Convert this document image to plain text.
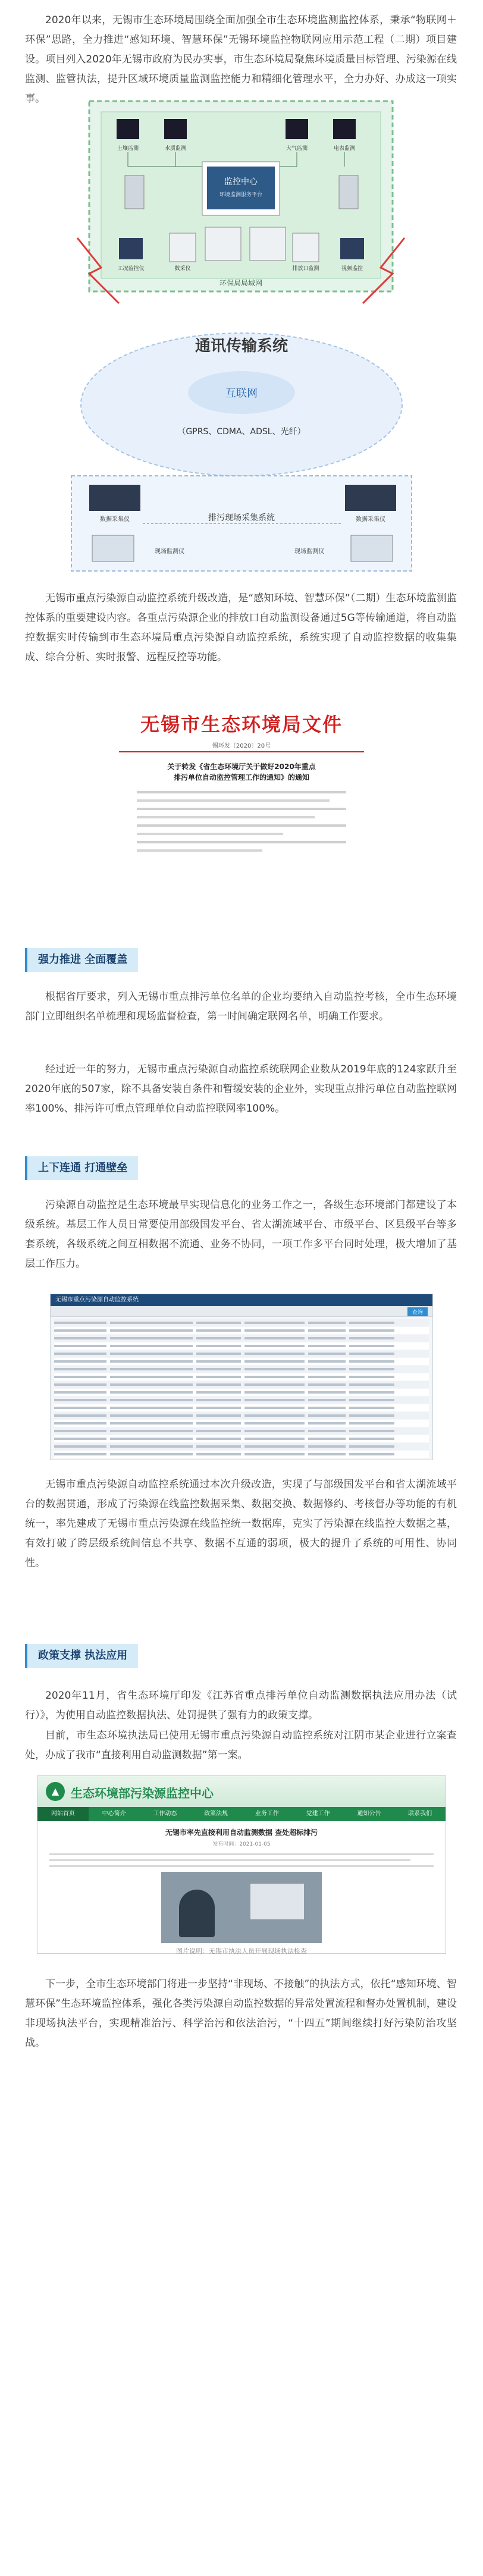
2020年以来，无锡市生态环境局围绕全面加强全市生态环境监测监控体系，秉承“物联网＋环保”思路，全力推进“感知环境、智慧环保”无锡环境监控物联网应用示范工程（二期）项目建设。项目列入2020年无锡市政府为民办实事，市生态环境局聚焦环境质量目标管理、污染源在线监测、监管执法，提升区域环境质量监测监控能力和精细化管理水平，全力办好、办成这一项实事。

土壤监测	水质监测	大气监测	电表监测
监控中心
环境监测服务平台
工况监控仪	数采仪	排放口监测	视频监控
环保局局域网
通讯传输系统
互联网
（GPRS、CDMA、ADSL、光纤）
数据采集仪	数据采集仪
排污现场采集系统
现场监测仪	现场监测仪

无锡市重点污染源自动监控系统升级改造，是“感知环境、智慧环保”（二期）生态环境监测监控体系的重要建设内容。各重点污染源企业的排放口自动监测设备通过5G等传输通道，将自动监控数据实时传输到市生态环境局重点污染源自动监控系统，系统实现了自动监控数据的收集集成、综合分析、实时报警、远程反控等功能。

无锡市生态环境局文件
锡环发〔2020〕20号
关于转发《省生态环境厅关于做好2020年重点
排污单位自动监控管理工作的通知》的通知
强力推进 全面覆盖

根据省厅要求，列入无锡市重点排污单位名单的企业均要纳入自动监控考核，全市生态环境部门立即组织名单梳理和现场监督检查，第一时间确定联网名单，明确工作要求。

经过近一年的努力，无锡市重点污染源自动监控系统联网企业数从2019年底的124家跃升至2020年底的507家，除不具备安装自条件和暂缓安装的企业外，实现重点排污单位自动监控联网率100%、排污许可重点管理单位自动监控联网率100%。

上下连通 打通壁垒

污染源自动监控是生态环境最早实现信息化的业务工作之一，各级生态环境部门都建设了本级系统。基层工作人员日常要使用部级国发平台、省太湖流域平台、市级平台、区县级平台等多套系统，各级系统之间互相数据不流通、业务不协同，一项工作多平台同时处理，极大增加了基层工作压力。

无锡市重点污染源自动监控系统
查询

无锡市重点污染源自动监控系统通过本次升级改造，实现了与部级国发平台和省太湖流域平台的数据贯通，形成了污染源在线监控数据采集、数据交换、数据修约、考核督办等功能的有机统一，率先建成了无锡市重点污染源在线监控统一数据库，克实了污染源在线监控大数据之基，有效打破了跨层级系统间信息不共享、数据不互通的弱项，极大的提升了系统的可用性、协同性。

政策支撑 执法应用

2020年11月，省生态环境厅印发《江苏省重点排污单位自动监测数据执法应用办法（试行）》，为使用自动监控数据执法、处罚提供了强有力的政策支撑。

目前，市生态环境执法局已使用无锡市重点污染源自动监控系统对江阴市某企业进行立案查处，办成了我市“直接利用自动监测数据”第一案。

▲ 生态环境部污染源监控中心
网站首页	中心简介	工作动态	政策法规	业务工作	党建工作	通知公告	联系我们
无锡市率先直接利用自动监测数据 查处超标排污
发布时间：2021-01-05
图片说明：无锡市执法人员开展现场执法检查

下一步，全市生态环境部门将进一步坚持“非现场、不接触”的执法方式，依托“感知环境、智慧环保”生态环境监控体系，强化各类污染源自动监控数据的异常处置流程和督办处置机制，建设非现场执法平台，实现精准治污、科学治污和依法治污，“十四五”期间继续打好污染防治攻坚战。
